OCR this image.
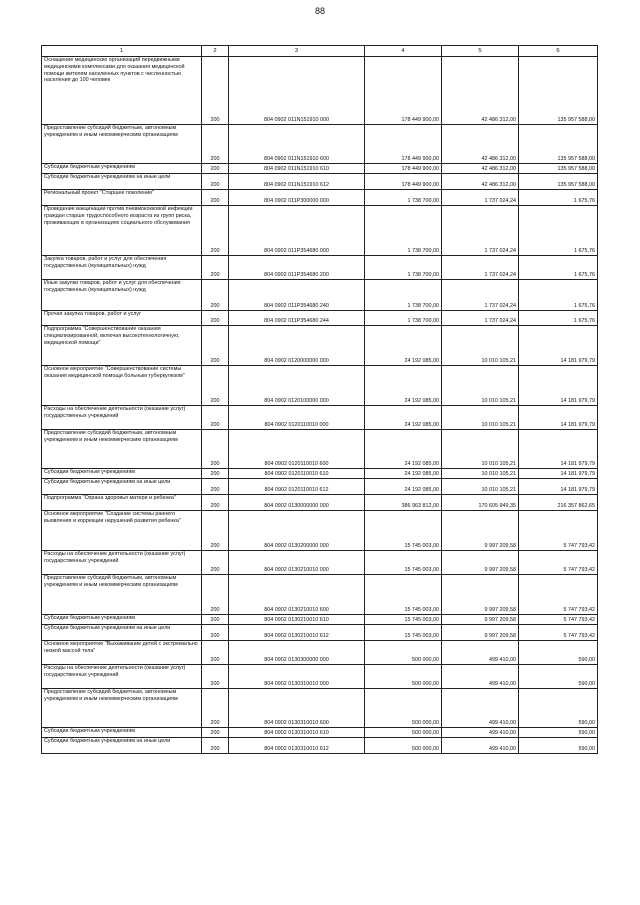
88
1	2	3	4	5	6
Оснащение медицинских организаций передвижными медицинскими комплексами для оказания медицинской помощи жителям населенных пунктов с численностью населения до 100 человек	200	804 0902 011N151910 000	178 449 900,00	42 486 312,00	135 957 588,00
Предоставление субсидий бюджетным, автономным учреждениям и иным некоммерческим организациям	200	804 0902 011N151910 600	178 449 900,00	42 486 312,00	135 957 588,00
Субсидии бюджетным учреждениям	200	804 0902 011N151910 610	178 449 900,00	42 486 312,00	135 957 588,00
Субсидии бюджетным учреждениям на иные цели	200	804 0902 011N151910 612	178 449 900,00	42 486 312,00	135 957 588,00
Региональный проект "Старшее поколение"	200	804 0902 011P300000 000	1 738 700,00	1 737 024,24	1 675,76
Проведение вакцинации против пневмококковой инфекции граждан старше трудоспособного возраста из групп риска, проживающих в организациях социального обслуживания	200	804 0902 011P354680 000	1 738 700,00	1 737 024,24	1 675,76
Закупка товаров, работ и услуг для обеспечения государственных (муниципальных) нужд	200	804 0902 011P354680 200	1 738 700,00	1 737 024,24	1 675,76
Иные закупки товаров, работ и услуг для обеспечения государственных (муниципальных) нужд	200	804 0902 011P354680 240	1 738 700,00	1 737 024,24	1 675,76
Прочая закупка товаров, работ и услуг	200	804 0902 011P354680 244	1 738 700,00	1 737 024,24	1 675,76
Подпрограмма "Совершенствование оказания специализированной, включая высокотехнологичную, медицинской помощи"	200	804 0902 0120000000 000	24 192 085,00	10 010 105,21	14 181 979,79
Основное мероприятие "Совершенствование системы оказания медицинской помощи больным туберкулезом"	200	804 0902 0120100000 000	24 192 085,00	10 010 105,21	14 181 979,79
Расходы на обеспечение деятельности (оказание услуг) государственных учреждений	200	804 0902 0120110010 000	24 192 085,00	10 010 105,21	14 181 979,79
Предоставление субсидий бюджетным, автономным учреждениям и иным некоммерческим организациям	200	804 0902 0120110010 600	24 192 085,00	10 010 105,21	14 181 979,79
Субсидии бюджетным учреждениям	200	804 0902 0120110010 610	24 192 085,00	10 010 105,21	14 181 979,79
Субсидии бюджетным учреждениям на иные цели	200	804 0902 0120110010 612	24 192 085,00	10 010 105,21	14 181 979,79
Подпрограмма "Охрана здоровья матери и ребенка"	200	804 0902 0130000000 000	386 963 812,00	170 605 949,35	216 357 862,65
Основное мероприятие "Создание системы раннего выявления и коррекции нарушений развития ребенка"	200	804 0902 0130200000 000	15 745 003,00	9 997 209,58	5 747 793,42
Расходы на обеспечение деятельности (оказание услуг) государственных учреждений	200	804 0902 0130210010 000	15 745 003,00	9 997 209,58	5 747 793,42
Предоставление субсидий бюджетным, автономным учреждениям и иным некоммерческим организациям	200	804 0902 0130210010 600	15 745 003,00	9 997 209,58	5 747 793,42
Субсидии бюджетным учреждениям	200	804 0902 0130210010 610	15 745 003,00	9 997 209,58	5 747 793,42
Субсидии бюджетным учреждениям на иные цели	200	804 0902 0130210010 612	15 745 003,00	9 997 209,58	5 747 793,42
Основное мероприятие "Выхаживание детей с экстремально низкой массой тела"	200	804 0902 0130300000 000	500 000,00	499 410,00	590,00
Расходы на обеспечение деятельности (оказание услуг) государственных учреждений	200	804 0902 0130310010 000	500 000,00	499 410,00	590,00
Предоставление субсидий бюджетным, автономным учреждениям и иным некоммерческим организациям	200	804 0902 0130310010 600	500 000,00	499 410,00	590,00
Субсидии бюджетным учреждениям	200	804 0902 0130310010 610	500 000,00	499 410,00	590,00
Субсидии бюджетным учреждениям на иные цели	200	804 0902 0130310010 612	500 000,00	499 410,00	590,00
